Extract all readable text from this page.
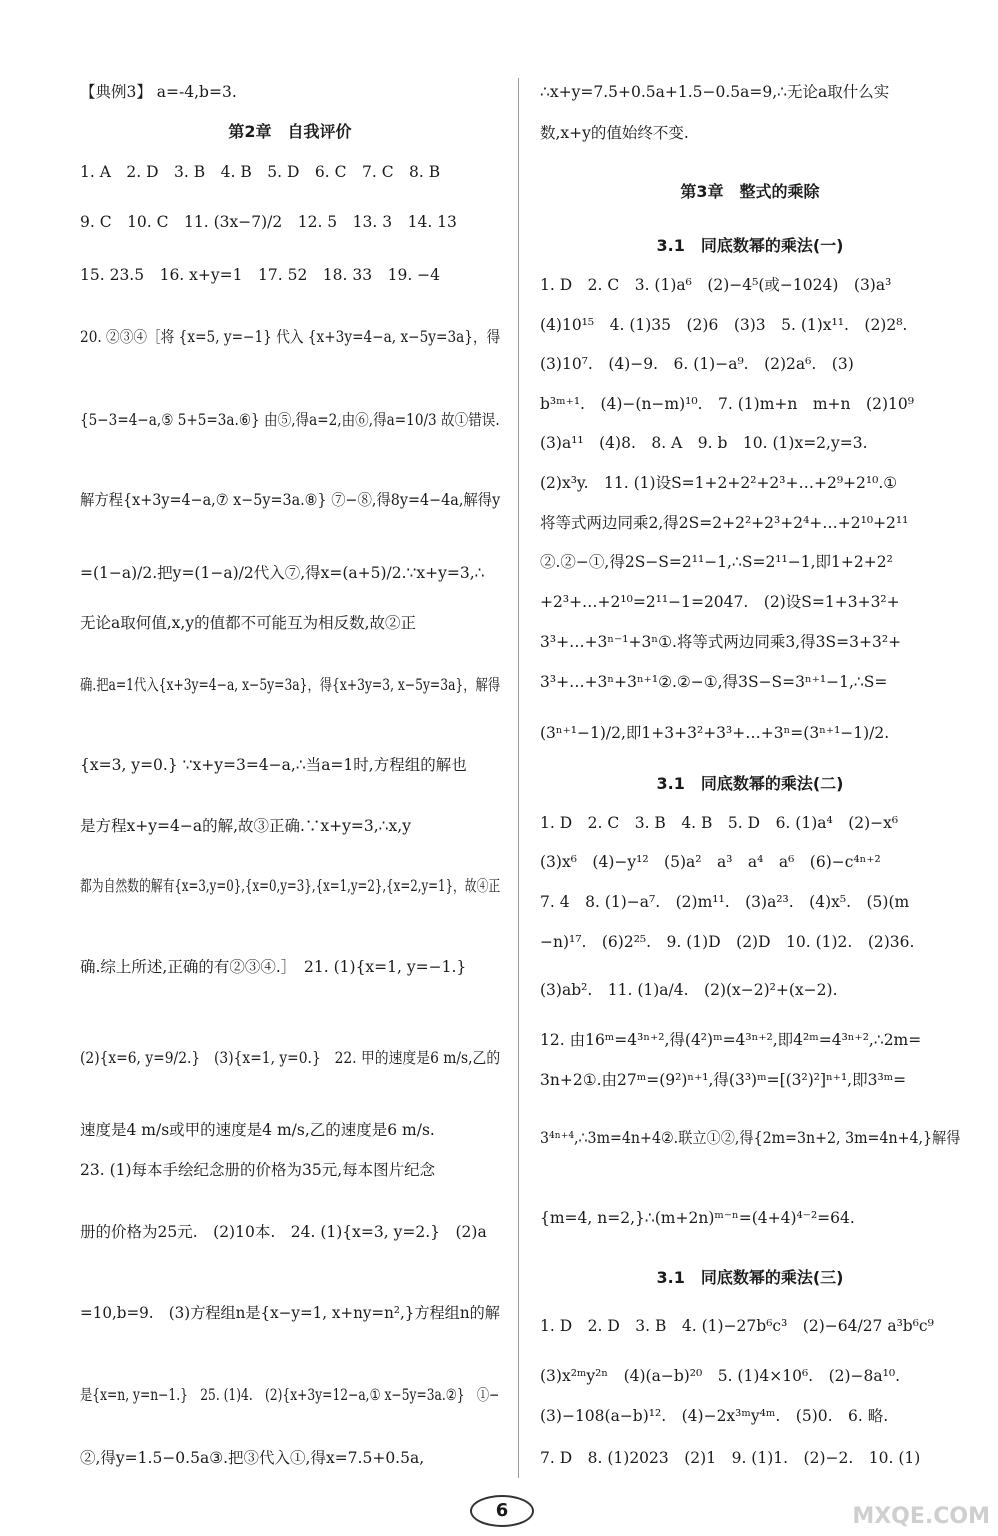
【典例3】 a=-4,b=3.
第2章　自我评价
1. A　2. D　3. B　4. B　5. D　6. C　7. C　8. B
9. C　10. C　11. (3x−7)/2　12. 5　13. 3　14. 13
15. 23.5　16. x+y=1　17. 52　18. 33　19. −4
20. ②③④［将 {x=5, y=−1} 代入 {x+3y=4−a, x−5y=3a}，得
{5−3=4−a,⑤ 5+5=3a.⑥} 由⑤,得a=2,由⑥,得a=10/3 故①错误.
解方程{x+3y=4−a,⑦ x−5y=3a.⑧} ⑦−⑧,得8y=4−4a,解得y
=(1−a)/2.把y=(1−a)/2代入⑦,得x=(a+5)/2.∵x+y=3,∴
无论a取何值,x,y的值都不可能互为相反数,故②正
确.把a=1代入{x+3y=4−a, x−5y=3a}，得{x+3y=3, x−5y=3a}，解得
{x=3, y=0.} ∵x+y=3=4−a,∴当a=1时,方程组的解也
是方程x+y=4−a的解,故③正确.∵x+y=3,∴x,y
都为自然数的解有{x=3,y=0},{x=0,y=3},{x=1,y=2},{x=2,y=1}，故④正
确.综上所述,正确的有②③④.］　21. (1){x=1, y=−1.}
(2){x=6, y=9/2.}　(3){x=1, y=0.}　22. 甲的速度是6 m/s,乙的
速度是4 m/s或甲的速度是4 m/s,乙的速度是6 m/s.
23. (1)每本手绘纪念册的价格为35元,每本图片纪念
册的价格为25元.　(2)10本.　24. (1){x=3, y=2.}　(2)a
=10,b=9.　(3)方程组n是{x−y=1, x+ny=n²,}方程组n的解
是{x=n, y=n−1.}　25. (1)4.　(2){x+3y=12−a,① x−5y=3a.②}　①−
②,得y=1.5−0.5a③.把③代入①,得x=7.5+0.5a,
∴x+y=7.5+0.5a+1.5−0.5a=9,∴无论a取什么实
数,x+y的值始终不变.
第3章　整式的乘除
3.1　同底数幂的乘法(一)
1. D　2. C　3. (1)a⁶　(2)−4⁵(或−1024)　(3)a³
(4)10¹⁵　4. (1)35　(2)6　(3)3　5. (1)x¹¹.　(2)2⁸.
(3)10⁷.　(4)−9.　6. (1)−a⁹.　(2)2a⁶.　(3)
b³ᵐ⁺¹.　(4)−(n−m)¹⁰.　7. (1)m+n　m+n　(2)10⁹
(3)a¹¹　(4)8.　8. A　9. b　10. (1)x=2,y=3.
(2)x³y.　11. (1)设S=1+2+2²+2³+…+2⁹+2¹⁰.①
将等式两边同乘2,得2S=2+2²+2³+2⁴+…+2¹⁰+2¹¹
②.②−①,得2S−S=2¹¹−1,∴S=2¹¹−1,即1+2+2²
+2³+…+2¹⁰=2¹¹−1=2047.　(2)设S=1+3+3²+
3³+…+3ⁿ⁻¹+3ⁿ①.将等式两边同乘3,得3S=3+3²+
3³+…+3ⁿ+3ⁿ⁺¹②.②−①,得3S−S=3ⁿ⁺¹−1,∴S=
(3ⁿ⁺¹−1)/2,即1+3+3²+3³+…+3ⁿ=(3ⁿ⁺¹−1)/2.
3.1　同底数幂的乘法(二)
1. D　2. C　3. B　4. B　5. D　6. (1)a⁴　(2)−x⁶
(3)x⁶　(4)−y¹²　(5)a²　a³　a⁴　a⁶　(6)−c⁴ⁿ⁺²
7. 4　8. (1)−a⁷.　(2)m¹¹.　(3)a²³.　(4)x⁵.　(5)(m
−n)¹⁷.　(6)2²⁵.　9. (1)D　(2)D　10. (1)2.　(2)36.
(3)ab².　11. (1)a/4.　(2)(x−2)²+(x−2).
12. 由16ᵐ=4³ⁿ⁺²,得(4²)ᵐ=4³ⁿ⁺²,即4²ᵐ=4³ⁿ⁺²,∴2m=
3n+2①.由27ᵐ=(9²)ⁿ⁺¹,得(3³)ᵐ=[(3²)²]ⁿ⁺¹,即3³ᵐ=
3⁴ⁿ⁺⁴,∴3m=4n+4②.联立①②,得{2m=3n+2, 3m=4n+4,}解得
{m=4, n=2,}∴(m+2n)ᵐ⁻ⁿ=(4+4)⁴⁻²=64.
3.1　同底数幂的乘法(三)
1. D　2. D　3. B　4. (1)−27b⁶c³　(2)−64/27 a³b⁶c⁹
(3)x²ᵐy²ⁿ　(4)(a−b)²⁰　5. (1)4×10⁶.　(2)−8a¹⁰.
(3)−108(a−b)¹².　(4)−2x³ᵐy⁴ᵐ.　(5)0.　6. 略.
7. D　8. (1)2023　(2)1　9. (1)1.　(2)−2.　10. (1)
6	MXQE.COM
